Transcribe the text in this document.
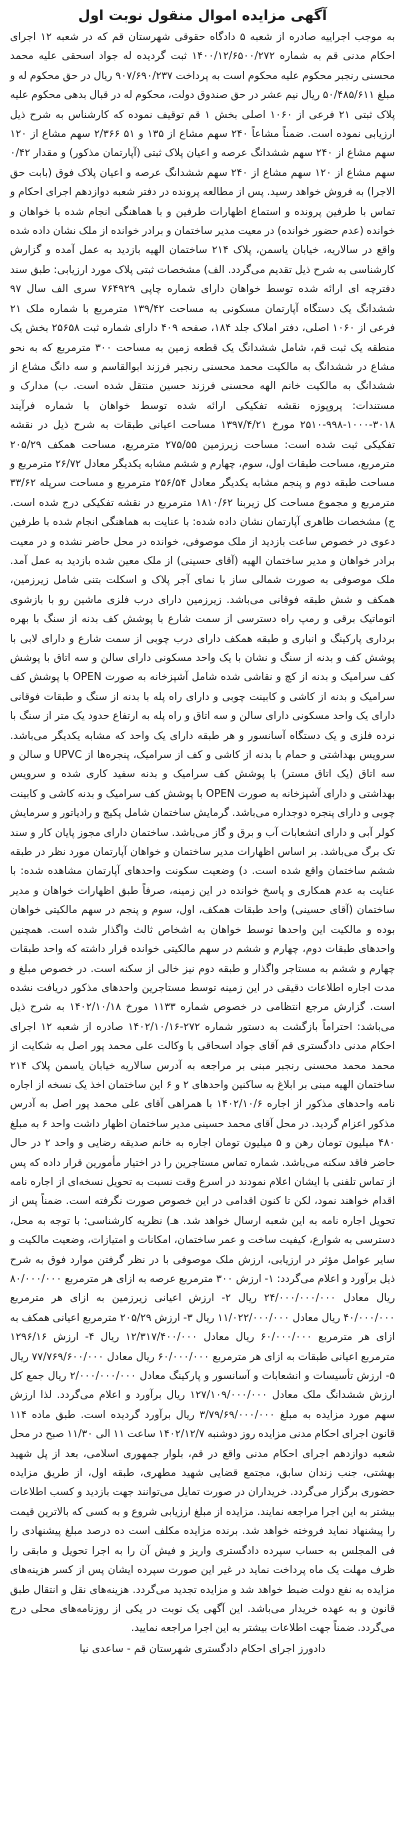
آگهی مزایده اموال منقول نوبت اول

به موجب اجراییه صادره از شعبه ۵ دادگاه حقوقی شهرستان قم که در شعبه ۱۲ اجرای احکام مدنی قم به شماره ۱۴۰۰/۱۲/۶۵۰۰/۲۷۲ ثبت گردیده له جواد اسحقی علیه محمد محسنی رنجبر محکوم علیه محکوم است به پرداخت ۹۰۷/۶۹۰/۲۳۷ ریال در حق محکوم له و مبلغ ۵۰/۴۸۵/۶۱۱ ریال نیم عشر در حق صندوق دولت، محکوم له در قبال بدهی محکوم علیه پلاک ثبتی ۲۱ فرعی از ۱۰۶۰ اصلی بخش ۱ قم توقیف نموده که کارشناس به شرح ذیل ارزیابی نموده است. ضمناً مشاعاً ۲۴۰ سهم مشاع از ۱۳۵ و ۵۱ ۲/۳۶۶ سهم مشاع از ۱۲۰ سهم مشاع از ۲۴۰ سهم ششدانگ عرصه و اعیان پلاک ثبتی (آپارتمان مذکور) و مقدار ۰/۴۲ سهم مشاع از ۱۲۰ سهم مشاع از ۲۴۰ سهم ششدانگ عرصه و اعیان پلاک فوق (بابت حق الاجرا) به فروش خواهد رسید. پس از مطالعه پرونده در دفتر شعبه دوازدهم اجرای احکام و تماس با طرفین پرونده و استماع اظهارات طرفین و با هماهنگی انجام شده با خواهان و خوانده (عدم حضور خوانده) در معیت مدیر ساختمان و برادر خوانده از ملک نشان داده شده واقع در سالاریه، خیابان یاسمن، پلاک ۲۱۴ ساختمان الهیه بازدید به عمل آمده و گزارش کارشناسی به شرح ذیل تقدیم می‌گردد. الف) مشخصات ثبتی پلاک مورد ارزیابی: طبق سند دفترچه ای ارائه شده توسط خواهان دارای شماره چاپی ۷۶۴۹۲۹ سری الف سال ۹۷ ششدانگ یک دستگاه آپارتمان مسکونی به مساحت ۱۳۹/۴۲ مترمربع با شماره ملک ۲۱ فرعی از ۱۰۶۰ اصلی، دفتر املاک جلد ۱۸۴، صفحه ۴۰۹ دارای شماره ثبت ۲۵۶۵۸ بخش یک منطقه یک ثبت قم، شامل ششدانگ یک قطعه زمین به مساحت ۳۰۰ مترمربع که به نحو مشاع در ششدانگ به مالکیت محمد محسنی رنجبر فرزند ابوالقاسم و سه دانگ مشاع از ششدانگ به مالکیت خانم الهه محسنی فرزند حسین منتقل شده است. ب) مدارک و مستندات: پروپوزه نقشه تفکیکی ارائه شده توسط خواهان با شماره فرآیند ۳۰۱۸-۱۰۰۰-۹۹۸-۲۵۱۰ مورخ ۱۳۹۷/۴/۲۱ مساحت اعیانی طبقات به شرح ذیل در نقشه تفکیکی ثبت شده است: مساحت زیرزمین ۲۷۵/۵۵ مترمربع، مساحت همکف ۲۰۵/۲۹ مترمربع، مساحت طبقات اول، سوم، چهارم و ششم مشابه یکدیگر معادل ۲۶/۷۲ مترمربع و مساحت طبقه دوم و پنجم مشابه یکدیگر معادل ۲۵۶/۵۴ مترمربع و مساحت سرپله ۳۳/۶۲ مترمربع و مجموع مساحت کل زیربنا ۱۸۱۰/۶۲ مترمربع در نقشه تفکیکی درج شده است. ج) مشخصات ظاهری آپارتمان نشان داده شده: با عنایت به هماهنگی انجام شده با طرفین دعوی در خصوص ساعت بازدید از ملک موصوفی، خوانده در محل حاضر نشده و در معیت برادر خواهان و مدیر ساختمان الهیه (آقای حسینی) از ملک معین شده بازدید به عمل آمد. ملک موصوفی به صورت شمالی ساز با نمای آجر پلاک و اسکلت بتنی شامل زیرزمین، همکف و شش طبقه فوقانی می‌باشد. زیرزمین دارای درب فلزی ماشین رو با بازشوی اتوماتیک برقی و رمپ راه دسترسی از سمت شارع با پوشش کف بدنه از سنگ با بهره برداری پارکینگ و انباری و طبقه همکف دارای درب چوبی از سمت شارع و دارای لابی با پوشش کف و بدنه از سنگ و نشان با یک واحد مسکونی دارای سالن و سه اتاق با پوشش کف سرامیک و بدنه از کچ و نقاشی شده شامل آشپزخانه به صورت OPEN با پوشش کف سرامیک و بدنه از کاشی و کابینت چوبی و دارای راه پله با بدنه از سنگ و طبقات فوقانی دارای یک واحد مسکونی دارای سالن و سه اتاق و راه پله به ارتفاع حدود یک متر از سنگ با نرده فلزی و یک دستگاه آسانسور و هر طبقه دارای یک واحد که مشابه یکدیگر می‌باشد. سرویس بهداشتی و حمام با بدنه از کاشی و کف از سرامیک، پنجره‌ها از UPVC و سالن و سه اتاق (یک اتاق مستر) با پوشش کف سرامیک و بدنه سفید کاری شده و سرویس بهداشتی و دارای آشپزخانه به صورت OPEN با پوشش کف سرامیک و بدنه کاشی و کابینت چوبی و دارای پنجره دوجداره می‌باشد. گرمایش ساختمان شامل پکیج و رادیاتور و سرمایش کولر آبی و دارای انشعابات آب و برق و گاز می‌باشد. ساختمان دارای مجوز پایان کار و سند تک برگ می‌باشد. بر اساس اظهارات مدیر ساختمان و خواهان آپارتمان مورد نظر در طبقه ششم ساختمان واقع شده است. د) وضعیت سکونت واحدهای آپارتمان مشاهده شده: با عنایت به عدم همکاری و پاسخ خوانده در این زمینه، صرفاً طبق اظهارات خواهان و مدیر ساختمان (آقای حسینی) واحد طبقات همکف، اول، سوم و پنجم در سهم مالکیتی خواهان بوده و مالکیت این واحدها توسط خواهان به اشخاص ثالث واگذار شده است. همچنین واحدهای طبقات دوم، چهارم و ششم در سهم مالکیتی خوانده قرار داشته که واحد طبقات چهارم و ششم به مستاجر واگذار و طبقه دوم نیز خالی از سکنه است. در خصوص مبلغ و مدت اجاره اطلاعات دقیقی در این زمینه توسط مستاجرین واحدهای مذکور دریافت نشده است. گزارش مرجع انتظامی در خصوص شماره ۱۱۳۳ مورخ ۱۴۰۲/۱۰/۱۸ به شرح ذیل می‌باشد: احتراماً بازگشت به دستور شماره ۲۷۲-۱۴۰۲/۱۰/۱۶ صادره از شعبه ۱۲ اجرای احکام مدنی دادگستری قم آقای جواد اسحاقی با وکالت علی محمد پور اصل به شکایت از محمد محمد محسنی رنجبر مبنی بر مراجعه به آدرس سالاریه خیابان یاسمن پلاک ۲۱۴ ساختمان الهیه مبنی بر ابلاغ به ساکنین واحدهای ۲ و ۶ این ساختمان اخذ یک نسخه از اجاره نامه واحدهای مذکور از اجاره ۱۴۰۲/۱۰/۶ با همراهی آقای علی محمد پور اصل به آدرس مذکور اعزام گردید. در محل آقای محمد حسینی مدیر ساختمان اظهار داشت واحد ۶ به مبلغ ۴۸۰ میلیون تومان رهن و ۵ میلیون تومان اجاره به خانم صدیقه رضایی و واحد ۲ در حال حاضر فاقد سکنه می‌باشد. شماره تماس مستاجرین را در اختیار مأمورین قرار داده که پس از تماس تلفنی با ایشان اعلام نمودند در اسرع وقت نسبت به تحویل نسخه‌ای از اجاره نامه اقدام خواهند نمود، لکن تا کنون اقدامی در این خصوص صورت نگرفته است. ضمناً پس از تحویل اجاره نامه به این شعبه ارسال خواهد شد. هـ) نظریه کارشناسی: با توجه به محل، دسترسی به شوارع، کیفیت ساخت و عمر ساختمان، امکانات و امتیازات، وضعیت مالکیت و سایر عوامل مؤثر در ارزیابی، ارزش ملک موصوفی با در نظر گرفتن موارد فوق به شرح ذیل برآورد و اعلام می‌گردد: ۱- ارزش ۳۰۰ مترمربع عرصه به ازای هر مترمربع ۸۰/۰۰۰/۰۰۰ ریال معادل ۲۴/۰۰۰/۰۰۰/۰۰۰ ریال ۲- ارزش اعیانی زیرزمین به ازای هر مترمربع ۴۰/۰۰۰/۰۰۰ ریال معادل ۱۱/۰۲۲/۰۰۰/۰۰۰ ریال ۳- ارزش ۲۰۵/۲۹ مترمربع اعیانی همکف به ازای هر مترمربع ۶۰/۰۰۰/۰۰۰ ریال معادل ۱۲/۳۱۷/۴۰۰/۰۰۰ ریال ۴- ارزش ۱۲۹۶/۱۶ مترمربع اعیانی طبقات به ازای هر مترمربع ۶۰/۰۰۰/۰۰۰ ریال معادل ۷۷/۷۶۹/۶۰۰/۰۰۰ ریال ۵- ارزش تأسیسات و انشعابات و آسانسور و پارکینگ معادل ۲/۰۰۰/۰۰۰/۰۰۰ ریال جمع کل ارزش ششدانگ ملک معادل ۱۲۷/۱۰۹/۰۰۰/۰۰۰ ریال برآورد و اعلام می‌گردد. لذا ارزش سهم مورد مزایده به مبلغ ۳/۷۹/۶۹/۰۰۰/۰۰۰ ریال برآورد گردیده است. طبق ماده ۱۱۴ قانون اجرای احکام مدنی مزایده روز دوشنبه ۱۴۰۲/۱۲/۷ ساعت ۱۱ الی ۱۱/۳۰ صبح در محل شعبه دوازدهم اجرای احکام مدنی واقع در قم، بلوار جمهوری اسلامی، بعد از پل شهید بهشتی، جنب زندان سابق، مجتمع قضایی شهید مطهری، طبقه اول، از طریق مزایده حضوری برگزار می‌گردد. خریداران در صورت تمایل می‌توانند جهت بازدید و کسب اطلاعات بیشتر به این اجرا مراجعه نمایند. مزایده از مبلغ ارزیابی شروع و به کسی که بالاترین قیمت را پیشنهاد نماید فروخته خواهد شد. برنده مزایده مکلف است ده درصد مبلغ پیشنهادی را فی المجلس به حساب سپرده دادگستری واریز و فیش آن را به اجرا تحویل و مابقی را ظرف مهلت یک ماه پرداخت نماید در غیر این صورت سپرده ایشان پس از کسر هزینه‌های مزایده به نفع دولت ضبط خواهد شد و مزایده تجدید می‌گردد. هزینه‌های نقل و انتقال طبق قانون و به عهده خریدار می‌باشد. این آگهی یک نوبت در یکی از روزنامه‌های محلی درج می‌گردد. ضمناً جهت اطلاعات بیشتر به این اجرا مراجعه نمایید.

دادورز اجرای احکام دادگستری شهرستان قم - ساعدی نیا
